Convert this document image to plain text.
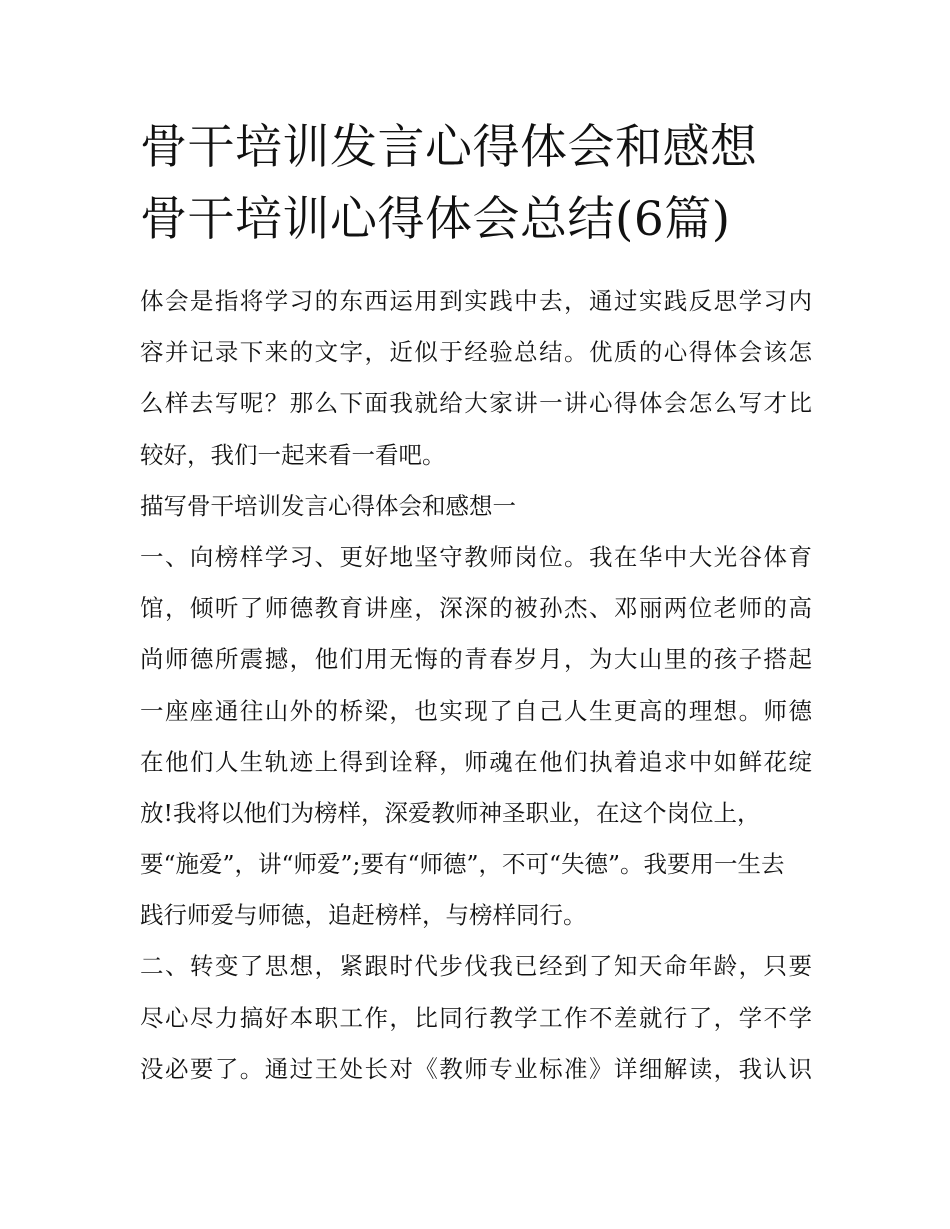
骨干培训发言心得体会和感想
骨干培训心得体会总结(6篇)
体会是指将学习的东西运用到实践中去，通过实践反思学习内
容并记录下来的文字，近似于经验总结。优质的心得体会该怎
么样去写呢？那么下面我就给大家讲一讲心得体会怎么写才比
较好，我们一起来看一看吧。
描写骨干培训发言心得体会和感想一
一、向榜样学习、更好地坚守教师岗位。我在华中大光谷体育
馆，倾听了师德教育讲座，深深的被孙杰、邓丽两位老师的高
尚师德所震撼，他们用无悔的青春岁月，为大山里的孩子搭起
一座座通往山外的桥梁，也实现了自己人生更高的理想。师德
在他们人生轨迹上得到诠释，师魂在他们执着追求中如鲜花绽
放!我将以他们为榜样，深爱教师神圣职业，在这个岗位上，
要“施爱”，讲“师爱”;要有“师德”，不可“失德”。我要用一生去
践行师爱与师德，追赶榜样，与榜样同行。
二、转变了思想，紧跟时代步伐我已经到了知天命年龄，只要
尽心尽力搞好本职工作，比同行教学工作不差就行了，学不学
没必要了。通过王处长对《教师专业标准》详细解读，我认识
